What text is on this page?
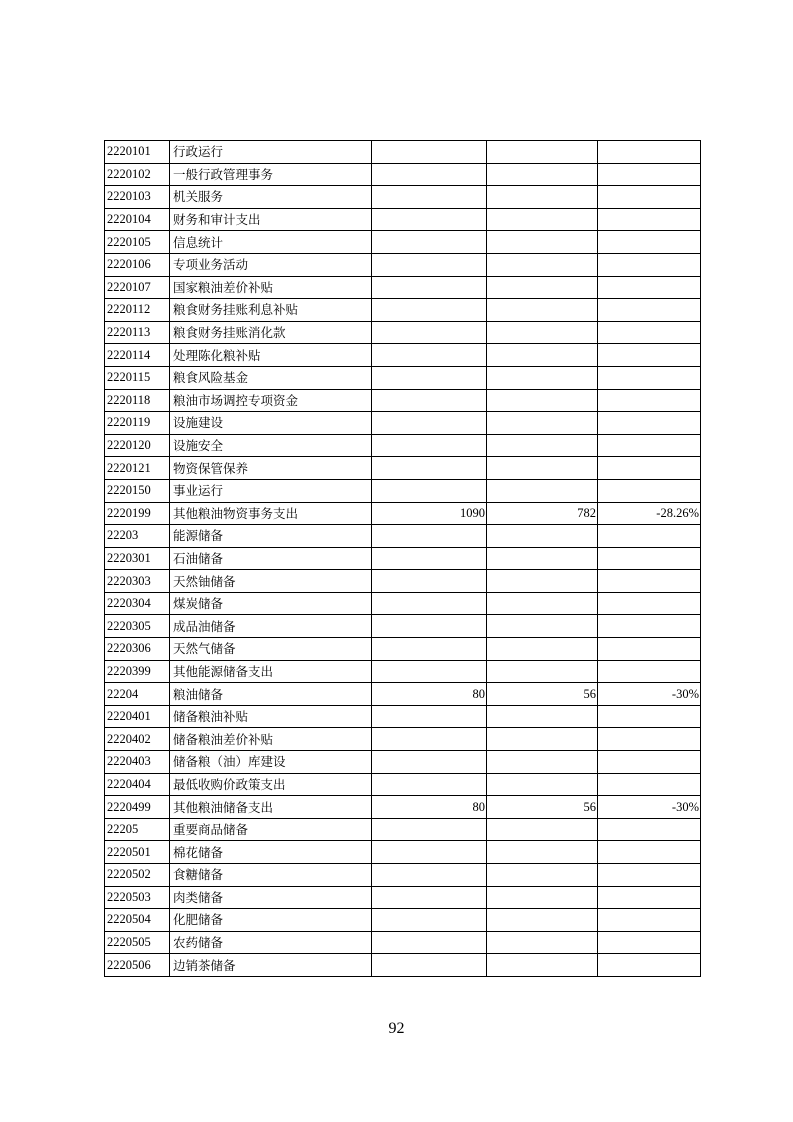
2220101	行政运行			
2220102	一般行政管理事务			
2220103	机关服务			
2220104	财务和审计支出			
2220105	信息统计			
2220106	专项业务活动			
2220107	国家粮油差价补贴			
2220112	粮食财务挂账利息补贴			
2220113	粮食财务挂账消化款			
2220114	处理陈化粮补贴			
2220115	粮食风险基金			
2220118	粮油市场调控专项资金			
2220119	设施建设			
2220120	设施安全			
2220121	物资保管保养			
2220150	事业运行			
2220199	其他粮油物资事务支出	1090	782	-28.26%
22203	能源储备			
2220301	石油储备			
2220303	天然铀储备			
2220304	煤炭储备			
2220305	成品油储备			
2220306	天然气储备			
2220399	其他能源储备支出			
22204	粮油储备	80	56	-30%
2220401	储备粮油补贴			
2220402	储备粮油差价补贴			
2220403	储备粮（油）库建设			
2220404	最低收购价政策支出			
2220499	其他粮油储备支出	80	56	-30%
22205	重要商品储备			
2220501	棉花储备			
2220502	食糖储备			
2220503	肉类储备			
2220504	化肥储备			
2220505	农药储备			
2220506	边销茶储备			
92
